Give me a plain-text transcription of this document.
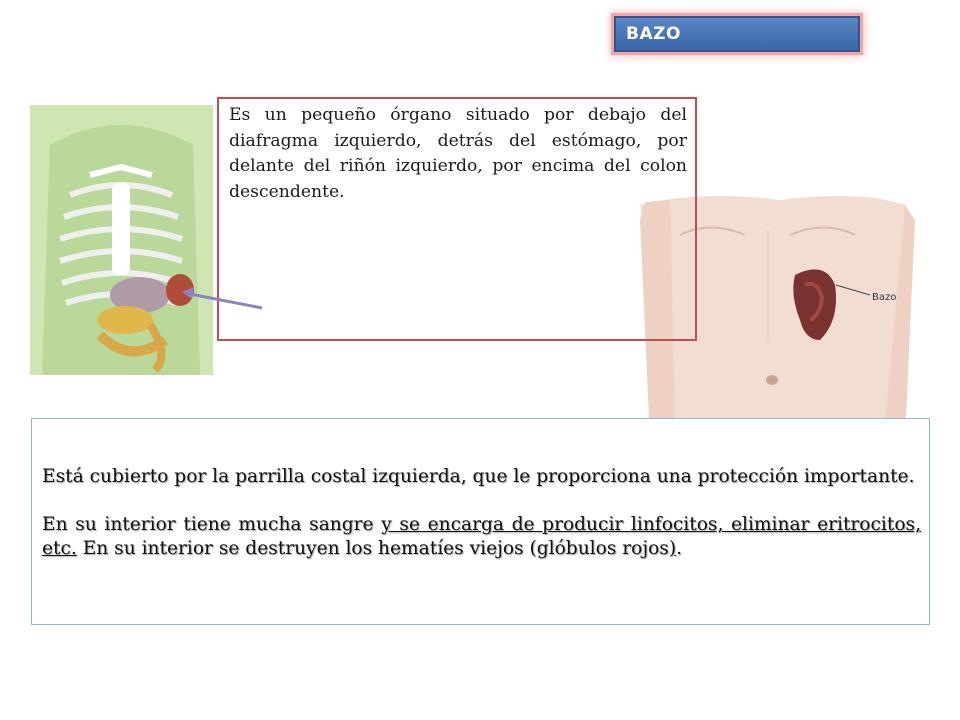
Bazo
BAZO

Es un pequeño órgano situado por debajo del diafragma izquierdo, detrás del estómago, por delante del riñón izquierdo, por encima del colon descendente.

Está cubierto por la parrilla costal izquierda, que le proporciona una protección importante.
En su interior tiene mucha sangre y se encarga de producir linfocitos, eliminar eritrocitos, etc. En su interior se destruyen los hematíes viejos (glóbulos rojos).
